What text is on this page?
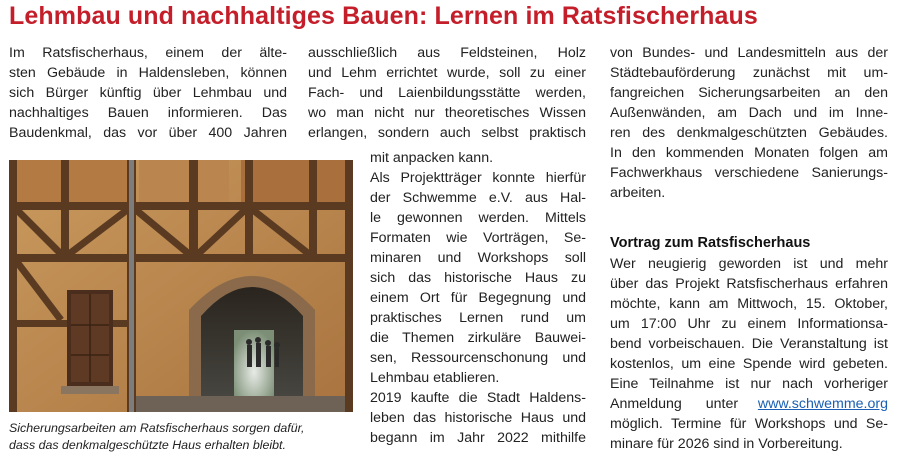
Lehmbau und nachhaltiges Bauen: Lernen im Ratsfischerhaus
Im Ratsfischerhaus, einem der älte-
sten Gebäude in Haldensleben, können
sich Bürger künftig über Lehmbau und
nachhaltiges Bauen informieren. Das
Baudenkmal, das vor über 400 Jahren
Sicherungsarbeiten am Ratsfischerhaus sorgen dafür,
dass das denkmalgeschützte Haus erhalten bleibt.
ausschließlich aus Feldsteinen, Holz
und Lehm errichtet wurde, soll zu einer
Fach- und Laienbildungsstätte werden,
wo man nicht nur theoretisches Wissen
erlangen, sondern auch selbst praktisch
mit anpacken kann.
Als Projektträger konnte hierfür
der Schwemme e.V. aus Hal-
le gewonnen werden. Mittels
Formaten wie Vorträgen, Se-
minaren und Workshops soll
sich das historische Haus zu
einem Ort für Begegnung und
praktisches Lernen rund um
die Themen zirkuläre Bauwei-
sen, Ressourcenschonung und
Lehmbau etablieren.
2019 kaufte die Stadt Haldens-
leben das historische Haus und
begann im Jahr 2022 mithilfe
von Bundes- und Landesmitteln aus der
Städtebauförderung zunächst mit um-
fangreichen Sicherungsarbeiten an den
Außenwänden, am Dach und im Inne-
ren des denkmalgeschützten Gebäudes.
In den kommenden Monaten folgen am
Fachwerkhaus verschiedene Sanierungs-
arbeiten.
Vortrag zum Ratsfischerhaus
Wer neugierig geworden ist und mehr
über das Projekt Ratsfischerhaus erfahren
möchte, kann am Mittwoch, 15. Oktober,
um 17:00 Uhr zu einem Informationsa-
bend vorbeischauen. Die Veranstaltung ist
kostenlos, um eine Spende wird gebeten.
Eine Teilnahme ist nur nach vorheriger
Anmeldung unter www.schwemme.org
möglich. Termine für Workshops und Se-
minare für 2026 sind in Vorbereitung.
